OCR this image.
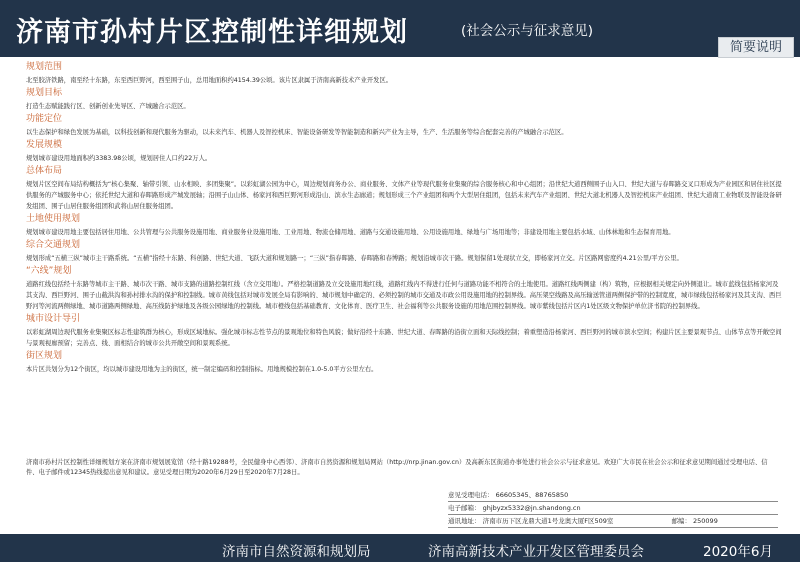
济南市孙村片区控制性详细规划	(社会公示与征求意见)
简要说明
规划范围
北至胶济铁路，南至经十东路，东至西巨野河，西至围子山，总用地面积约4154.39公顷。该片区隶属于济南高新技术产业开发区。
规划目标
打造生态赋能践行区、创新创业先导区、产城融合示范区。
功能定位
以生态保护和绿色发展为基础，以科技创新和现代服务为驱动，以未来汽车、机器人及智控机床、智能设备研发等智能制造和新兴产业为主导，生产、生活服务等综合配套完善的产城融合示范区。
发展规模
规划城市建设用地面积约3383.98公顷，规划居住人口约22万人。
总体布局
规划片区空间布局结构概括为“核心集聚、轴带引领、山水相映、多团集聚”。以彩虹湖公园为中心，周边规划商务办公、商业服务、文体产业等现代服务业集聚的综合服务核心和中心组团；沿世纪大道西侧围子山入口、世纪大道与春晖路交叉口形成为产业园区和居住社区提供服务的产城服务中心；依托世纪大道和春晖路形成产城发展轴；沿围子山山体、杨家河和西巨野河形成沿山、滨水生态廊道；规划形成三个产业组团和两个大型居住组团，包括未来汽车产业组团、世纪大道北机器人及智控机床产业组团、世纪大道南工业物联及智能设备研发组团、围子山居住服务组团和武将山居住服务组团。
土地使用规划
规划城市建设用地主要包括居住用地、公共管理与公共服务设施用地、商业服务业设施用地、工业用地、物流仓储用地、道路与交通设施用地、公用设施用地、绿地与广场用地等；非建设用地主要包括水域、山体林地和生态保育用地。
综合交通规划
规划形成“五横三纵”城市主干路系统。“五横”指经十东路、科创路、世纪大道、飞跃大道和规划路一；“三纵”指春晖路、春晖路和春博路；规划沿城市次干路。规划保留1处现状立交，即杨家河立交。片区路网密度约4.21公里/平方公里。
“六线”规划
道路红线包括经十东路等城市主干路、城市次干路、城市支路的道路控制红线（含立交用地）。严格控制道路及立交设施用地红线，道路红线内不得进行任何与道路功能不相符合的土地使用。道路红线两侧建（构）筑物，应根据相关规定向外侧退让。城市蓝线包括杨家河及其支沟、西巨野河、围子山截洪沟和孙村排水沟的保护和控制线。城市黄线包括对城市发展全局有影响的、城市规划中确定的、必须控制的城市交通及市政公用设施用地的控制界线。高压架空线路及高压输送管道两侧保护带的控制宽度，城市绿线包括杨家河及其支沟、西巨野河等河流两侧绿地、城市道路两侧绿地、高压线防护绿地及各级公园绿地的控制线。城市橙线包括基础教育、文化体育、医疗卫生、社会福利等公共服务设施的用地范围控制界线。城市紫线包括片区内1处区级文物保护单位济书院的控制界线。
城市设计导引
以彩虹湖周边现代服务业集聚区标志性建筑群为核心，形成区域地标。强化城市标志性节点的景观地位和特色风貌；做好沿经十东路、世纪大道、春晖路的沿街立面和天际线控制；着重塑造沿杨家河、西巨野河的城市滨水空间；构建片区主要景观节点、山体节点等开敞空间与景观视廊预留；完善点、线、面相结合的城市公共开敞空间和景观系统。
街区规划
本片区共划分为12个街区，均以城市建设用地为主的街区，统一制定编码和控制指标。用地规模控制在1.0-5.0平方公里左右。
济南市孙村片区控制性详细规划方案在济南市规划展览馆（经十路19288号，全民健身中心西邻）、济南市自然资源和规划局网站（http://nrp.jinan.gov.cn）及高新东区街道办事处进行社会公示与征求意见。欢迎广大市民在社会公示和征求意见期间通过受理电话、信件、电子邮件或12345热线提出意见和建议。意见受理日期为2020年6月29日至2020年7月28日。
意见受理电话： 66605345、88765850
电子邮箱： ghjbyzx5332@jn.shandong.cn
通讯地址： 济南市历下区龙鼎大道1号龙奥大厦F区509室	邮编： 250099
济南市自然资源和规划局	济南高新技术产业开发区管理委员会	2020年6月
